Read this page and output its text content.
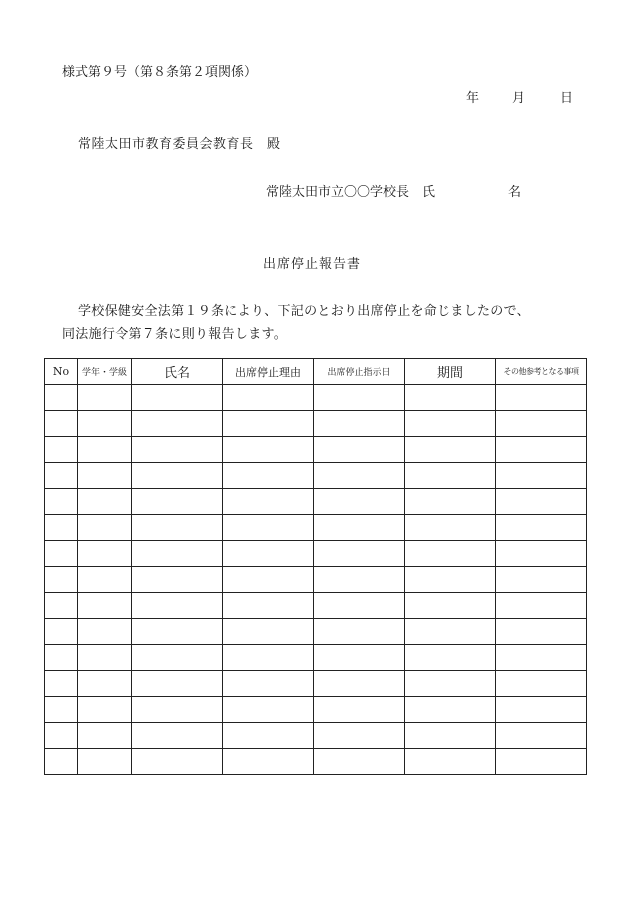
様式第９号（第８条第２項関係）
年	月	日
常陸太田市教育委員会教育長　殿
常陸太田市立〇〇学校長　氏	名
出席停止報告書
学校保健安全法第１９条により、下記のとおり出席停止を命じましたので、
同法施行令第７条に則り報告します。
No	学年・学級	氏名	出席停止理由	出席停止指示日	期間	その他参考となる事項
